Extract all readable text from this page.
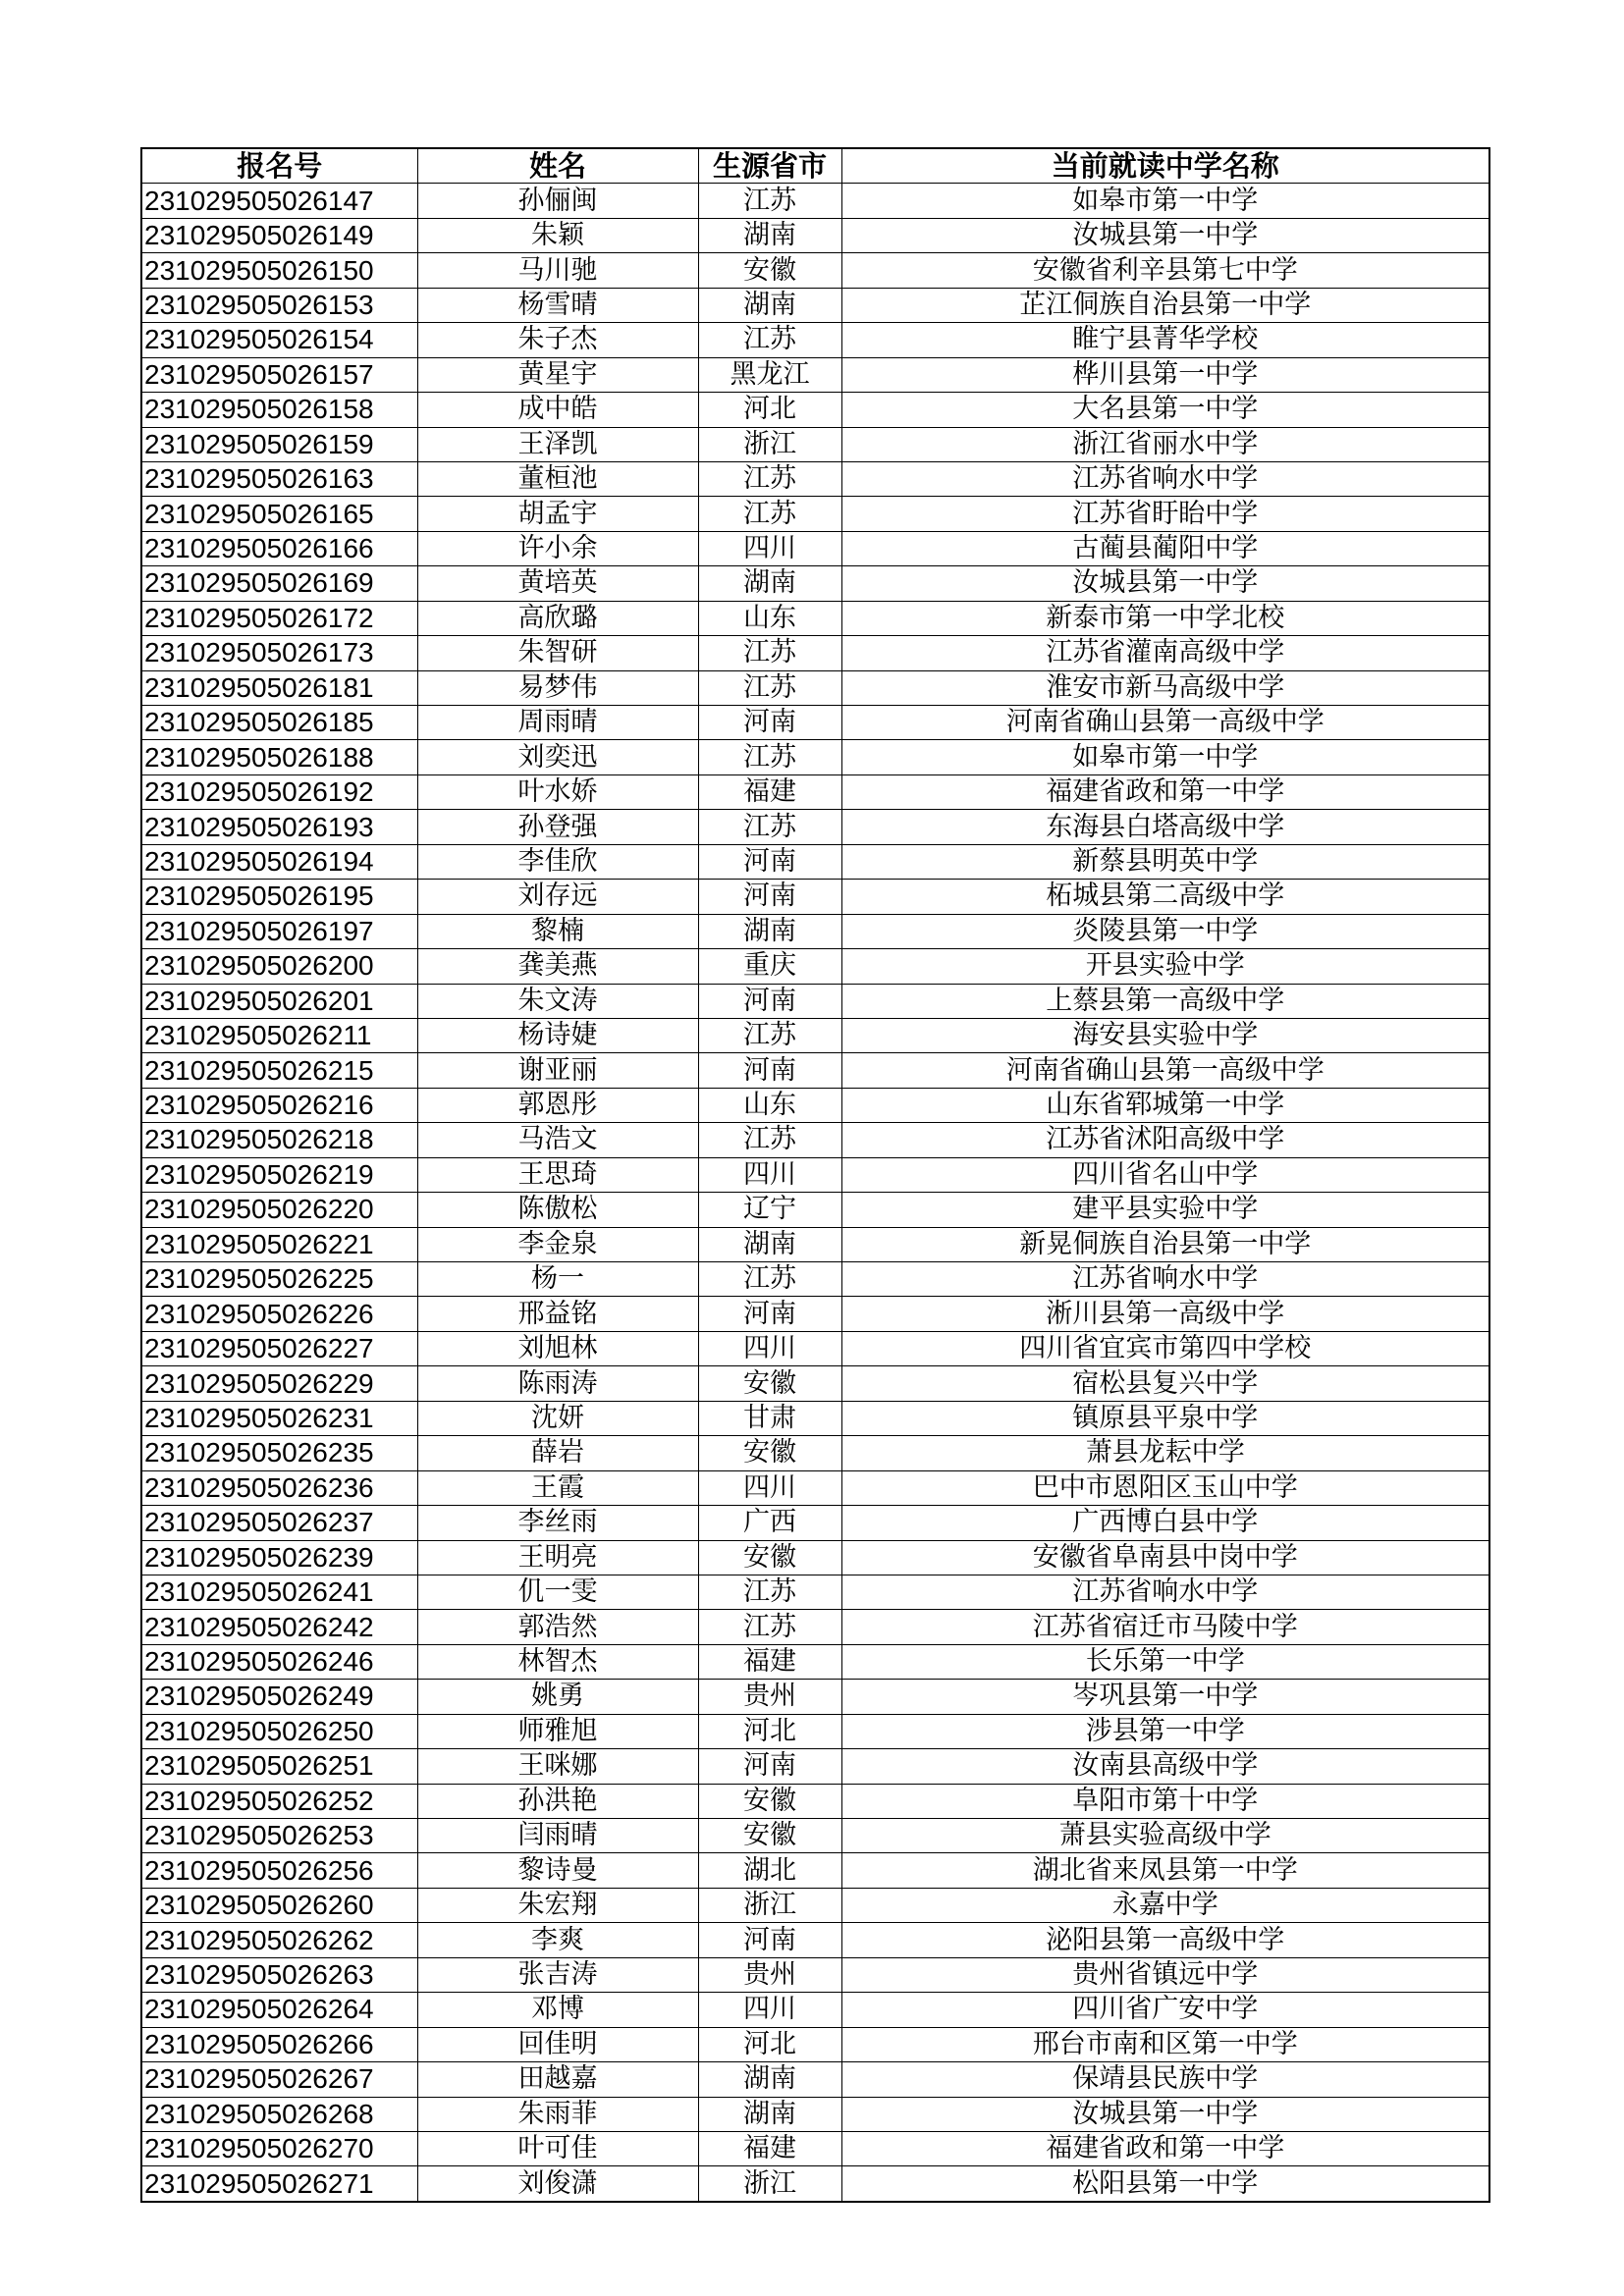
报名号	姓名	生源省市	当前就读中学名称
231029505026147	孙俪闽	江苏	如皋市第一中学
231029505026149	朱颖	湖南	汝城县第一中学
231029505026150	马川驰	安徽	安徽省利辛县第七中学
231029505026153	杨雪晴	湖南	芷江侗族自治县第一中学
231029505026154	朱子杰	江苏	睢宁县菁华学校
231029505026157	黄星宇	黑龙江	桦川县第一中学
231029505026158	成中皓	河北	大名县第一中学
231029505026159	王泽凯	浙江	浙江省丽水中学
231029505026163	董桓池	江苏	江苏省响水中学
231029505026165	胡孟宇	江苏	江苏省盱眙中学
231029505026166	许小余	四川	古蔺县蔺阳中学
231029505026169	黄培英	湖南	汝城县第一中学
231029505026172	高欣璐	山东	新泰市第一中学北校
231029505026173	朱智研	江苏	江苏省灌南高级中学
231029505026181	易梦伟	江苏	淮安市新马高级中学
231029505026185	周雨晴	河南	河南省确山县第一高级中学
231029505026188	刘奕迅	江苏	如皋市第一中学
231029505026192	叶水娇	福建	福建省政和第一中学
231029505026193	孙登强	江苏	东海县白塔高级中学
231029505026194	李佳欣	河南	新蔡县明英中学
231029505026195	刘存远	河南	柘城县第二高级中学
231029505026197	黎楠	湖南	炎陵县第一中学
231029505026200	龚美燕	重庆	开县实验中学
231029505026201	朱文涛	河南	上蔡县第一高级中学
231029505026211	杨诗婕	江苏	海安县实验中学
231029505026215	谢亚丽	河南	河南省确山县第一高级中学
231029505026216	郭恩彤	山东	山东省郓城第一中学
231029505026218	马浩文	江苏	江苏省沭阳高级中学
231029505026219	王思琦	四川	四川省名山中学
231029505026220	陈傲松	辽宁	建平县实验中学
231029505026221	李金泉	湖南	新晃侗族自治县第一中学
231029505026225	杨一	江苏	江苏省响水中学
231029505026226	邢益铭	河南	淅川县第一高级中学
231029505026227	刘旭林	四川	四川省宜宾市第四中学校
231029505026229	陈雨涛	安徽	宿松县复兴中学
231029505026231	沈妍	甘肃	镇原县平泉中学
231029505026235	薛岩	安徽	萧县龙耘中学
231029505026236	王霞	四川	巴中市恩阳区玉山中学
231029505026237	李丝雨	广西	广西博白县中学
231029505026239	王明亮	安徽	安徽省阜南县中岗中学
231029505026241	仉一雯	江苏	江苏省响水中学
231029505026242	郭浩然	江苏	江苏省宿迁市马陵中学
231029505026246	林智杰	福建	长乐第一中学
231029505026249	姚勇	贵州	岑巩县第一中学
231029505026250	师雅旭	河北	涉县第一中学
231029505026251	王咪娜	河南	汝南县高级中学
231029505026252	孙洪艳	安徽	阜阳市第十中学
231029505026253	闫雨晴	安徽	萧县实验高级中学
231029505026256	黎诗曼	湖北	湖北省来凤县第一中学
231029505026260	朱宏翔	浙江	永嘉中学
231029505026262	李爽	河南	泌阳县第一高级中学
231029505026263	张吉涛	贵州	贵州省镇远中学
231029505026264	邓博	四川	四川省广安中学
231029505026266	回佳明	河北	邢台市南和区第一中学
231029505026267	田越嘉	湖南	保靖县民族中学
231029505026268	朱雨菲	湖南	汝城县第一中学
231029505026270	叶可佳	福建	福建省政和第一中学
231029505026271	刘俊潇	浙江	松阳县第一中学
